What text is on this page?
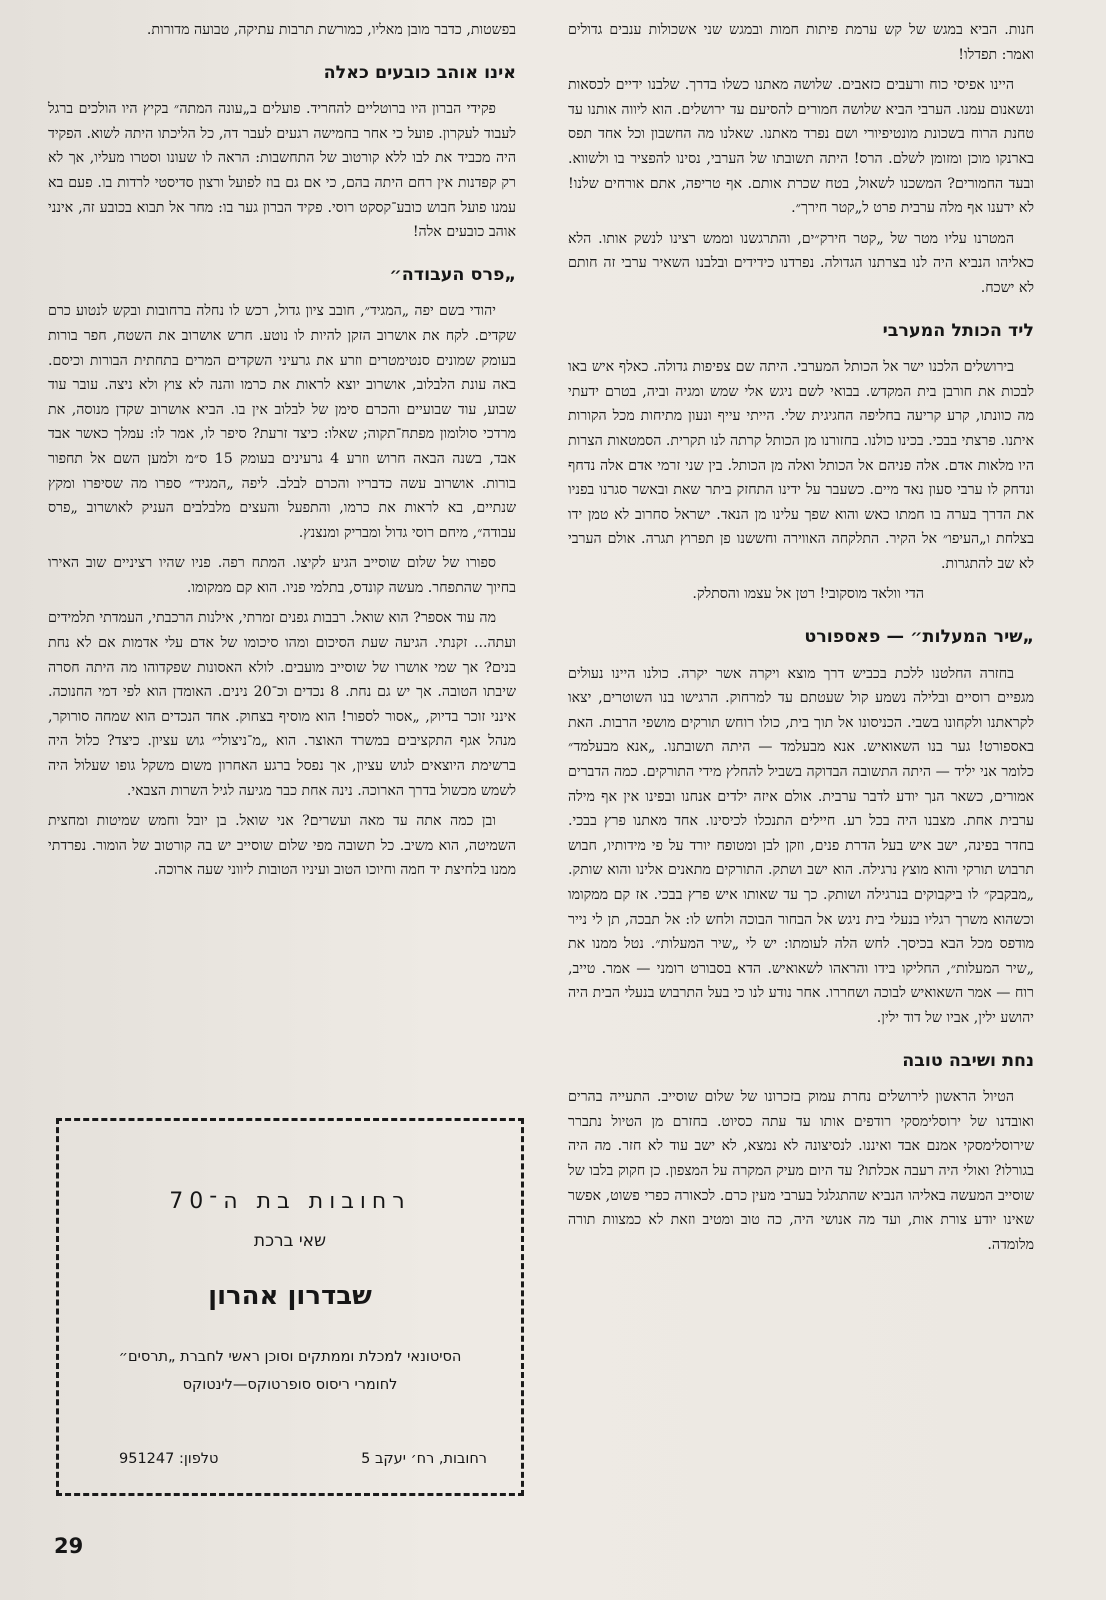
חנות. הביא במגש של קש ערמת פיתות חמות ובמגש שני אשכולות ענבים גדולים ואמר: תפדלו!

היינו אפיסי כוח ורעבים כזאבים. שלושה מאתנו כשלו בדרך. שלבנו ידיים לכסאות ונשאנום עמנו. הערבי הביא שלושה חמורים להסיעם עד ירושלים. הוא ליווה אותנו עד טחנת הרוח בשכונת מונטיפיורי ושם נפרד מאתנו. שאלנו מה החשבון וכל אחד תפס בארנקו מוכן ומזומן לשלם. הרס! היתה תשובתו של הערבי, נסינו להפציר בו ולשווא. ובעד החמורים? המשכנו לשאול, בטח שכרת אותם. אף טריפה, אתם אורחים שלנו! לא ידענו אף מלה ערבית פרט ל„קטר חירך״.

המטרנו עליו מטר של „קטר חירק״ים, והתרגשנו וממש רצינו לנשק אותו. הלא כאליהו הנביא היה לנו בצרתנו הגדולה. נפרדנו כידידים ובלבנו השאיר ערבי זה חותם לא ישכח.

ליד הכותל המערבי

בירושלים הלכנו ישר אל הכותל המערבי. היתה שם צפיפות גדולה. כאלף איש באו לבכות את חורבן בית המקדש. בבואי לשם ניגש אלי שמש ומגיה וביה, בטרם ידעתי מה כוונתו, קרע קריעה בחליפה החגיגית שלי. הייתי עייף ונעון מתיחות מכל הקורות איתנו. פרצתי בבכי. בכינו כולנו. בחזורנו מן הכותל קרתה לנו תקרית. הסמטאות הצרות היו מלאות אדם. אלה פניהם אל הכותל ואלה מן הכותל. בין שני זרמי אדם אלה נדחף ונדחק לו ערבי סעון נאד מיים. כשעבר על ידינו התחזק ביתר שאת ובאשר סגרנו בפניו את הדרך בערה בו חמתו כאש והוא שפך עלינו מן הנאד. ישראל סחרוב לא טמן ידו בצלחת ו„העיפו״ אל הקיר. התלקחה האווירה וחששנו פן תפרוץ תגרה. אולם הערבי לא שב להתגרות.

הדי וולאד מוסקובי! רטן אל עצמו והסתלק.

„שיר המעלות״ — פאספורט

בחזרה החלטנו ללכת בכביש דרך מוצא ויקרה אשר יקרה. כולנו היינו נעולים מגפיים רוסיים ובלילה נשמע קול שעטתם עד למרחוק. הרגישו בנו השוטרים, יצאו לקראתנו ולקחונו בשבי. הכניסונו אל תוך בית, כולו רוחש תורקים מושפי הרבות. האת באספורט! גער בנו השאואיש. אנא מבעלמד — היתה תשובתנו. „אנא מבעלמד״ כלומר אני יליד — היתה התשובה הבדוקה בשביל להחלץ מידי התורקים. כמה הדברים אמורים, כשאר הנך יודע לדבר ערבית. אולם איזה ילדים אנחנו ובפינו אין אף מילה ערבית אחת. מצבנו היה בכל רע. חיילים התנכלו לכיסינו. אחד מאתנו פרץ בבכי. בחדר בפינה, ישב איש בעל הדרת פנים, וזקן לבן ומטופח יורד על פי מידותיו, חבוש תרבוש תורקי והוא מוצץ נרגילה. הוא ישב ושתק. התורקים מתאנים אלינו והוא שותק. „מבקבק״ לו ביקבוקים בנרגילה ושותק. כך עד שאותו איש פרץ בבכי. אז קם ממקומו וכשהוא משרך רגליו בנעלי בית ניגש אל הבחור הבוכה ולחש לו: אל תבכה, תן לי נייר מודפס מכל הבא בכיסך. לחש הלה לעומתו: יש לי „שיר המעלות״. נטל ממנו את „שיר המעלות״, החליקו בידו והראהו לשאואיש. הדא בסבורט רומני — אמר. טייב, רוח — אמר השאואיש לבוכה ושחררו. אחר נודע לנו כי בעל התרבוש בנעלי הבית היה יהושע ילין, אביו של דוד ילין.

נחת ושיבה טובה

הטיול הראשון לירושלים נחרת עמוק בזכרונו של שלום שוסייב. התעייה בהרים ואובדנו של ירוסלימסקי רודפים אותו עד עתה כסיוט. בחזרם מן הטיול נתברר שירוסלימסקי אמנם אבד ואיננו. לנסיצונה לא נמצא, לא ישב עוד לא חזר. מה היה בגורלו? ואולי היה רעבה אכלתו? עד היום מעיק המקרה על המצפון. כן חקוק בלבו של שוסייב המעשה באליהו הנביא שהתגלגל בערבי מעין כרם. לכאורה כפרי פשוט, אפשר שאינו יודע צורת אות, ועד מה אנושי היה, כה טוב ומטיב וזאת לא כמצוות תורה מלומדה.

בפשטות, כדבר מובן מאליו, כמורשת תרבות עתיקה, טבועה מדורות.

אינו אוהב כובעים כאלה

פקידי הברון היו ברוטליים להחריד. פועלים ב„עונה המתה״ בקיץ היו הולכים ברגל לעבוד לעקרון. פועל כי אחר בחמישה רגעים לעבר דה, כל הליכתו היתה לשוא. הפקיד היה מכביד את לבו ללא קורטוב של התחשבות: הראה לו שעונו וסטרו מעליו, אך לא רק קפדנות אין רחם היתה בהם, כי אם גם בוז לפועל ורצון סדיסטי לרדות בו. פעם בא עמנו פועל חבוש כובע־קסקט רוסי. פקיד הברון גער בו: מחר אל תבוא בכובע זה, אינני אוהב כובעים אלה!

„פרס העבודה״

יהודי בשם יפה „המגיד״, חובב ציון גדול, רכש לו נחלה ברחובות ובקש לנטוע כרם שקדים. לקח את אושרוב הזקן להיות לו נוטע. חרש אושרוב את השטח, חפר בורות בעומק שמונים סנטימטרים וזרע את גרעיני השקדים המרים בתחתית הבורות וכיסם. באה עונת הלבלוב, אושרוב יוצא לראות את כרמו והנה לא צוץ ולא ניצה. עובר עוד שבוע, עוד שבועיים והכרם סימן של לבלוב אין בו. הביא אושרוב שקדן מנוסה, את מרדכי סולומון מפתח־תקוה; שאלו: כיצד זרעת? סיפר לו, אמר לו: עמלך כאשר אבד אבד, בשנה הבאה חרוש וזרע 4 גרעינים בעומק 15 ס״מ ולמען השם אל תחפור בורות. אושרוב עשה כדבריו והכרם לבלב. ליפה „המגיד״ ספרו מה שסיפרו ומקץ שנתיים, בא לראות את כרמו, והתפעל והעצים מלבלבים העניק לאושרוב „פרס עבודה״, מיחם רוסי גדול ומבריק ומנצנץ.

ספורו של שלום שוסייב הגיע לקיצו. המתח רפה. פניו שהיו רציניים שוב האירו בחיוך שהתפחר. מעשה קונדס, בתלמי פניו. הוא קם ממקומו.

מה עוד אספר? הוא שואל. רבבות גפנים זמרתי, אילנות הרכבתי, העמדתי תלמידים ועתה... זקנתי. הגיעה שעת הסיכום ומהו סיכומו של אדם עלי אדמות אם לא נחת בנים? אך שמי אושרו של שוסייב מועבים. לולא האסונות שפקדוהו מה היתה חסרה שיבתו הטובה. אך יש גם נחת. 8 נכדים וכ־20 נינים. האומדן הוא לפי דמי החנוכה. אינני זוכר בדיוק, „אסור לספור! הוא מוסיף בצחוק. אחד הנכדים הוא שמחה סורוקר, מנהל אגף התקציבים במשרד האוצר. הוא „מ־ניצולי״ גוש עציון. כיצד? כלול היה ברשימת היוצאים לגוש עציון, אך נפסל ברגע האחרון משום משקל גופו שעלול היה לשמש מכשול בדרך הארוכה. נינה אחת כבר מגיעה לגיל השרות הצבאי.

ובן כמה אתה עד מאה ועשרים? אני שואל. בן יובל וחמש שמיטות ומחצית השמיטה, הוא משיב. כל תשובה מפי שלום שוסייב יש בה קורטוב של הומור. נפרדתי ממנו בלחיצת יד חמה וחיוכו הטוב ועיניו הטובות ליווני שעה ארוכה.

רחובות בת ה־70
שאי ברכת
שבדרון אהרון
הסיטונאי למכלת וממתקים וסוכן ראשי לחברת „תרסים״
לחומרי ריסוס סופרטוקס—לינטוקס
רחובות, רח׳ יעקב 5
טלפון: 951247
29
